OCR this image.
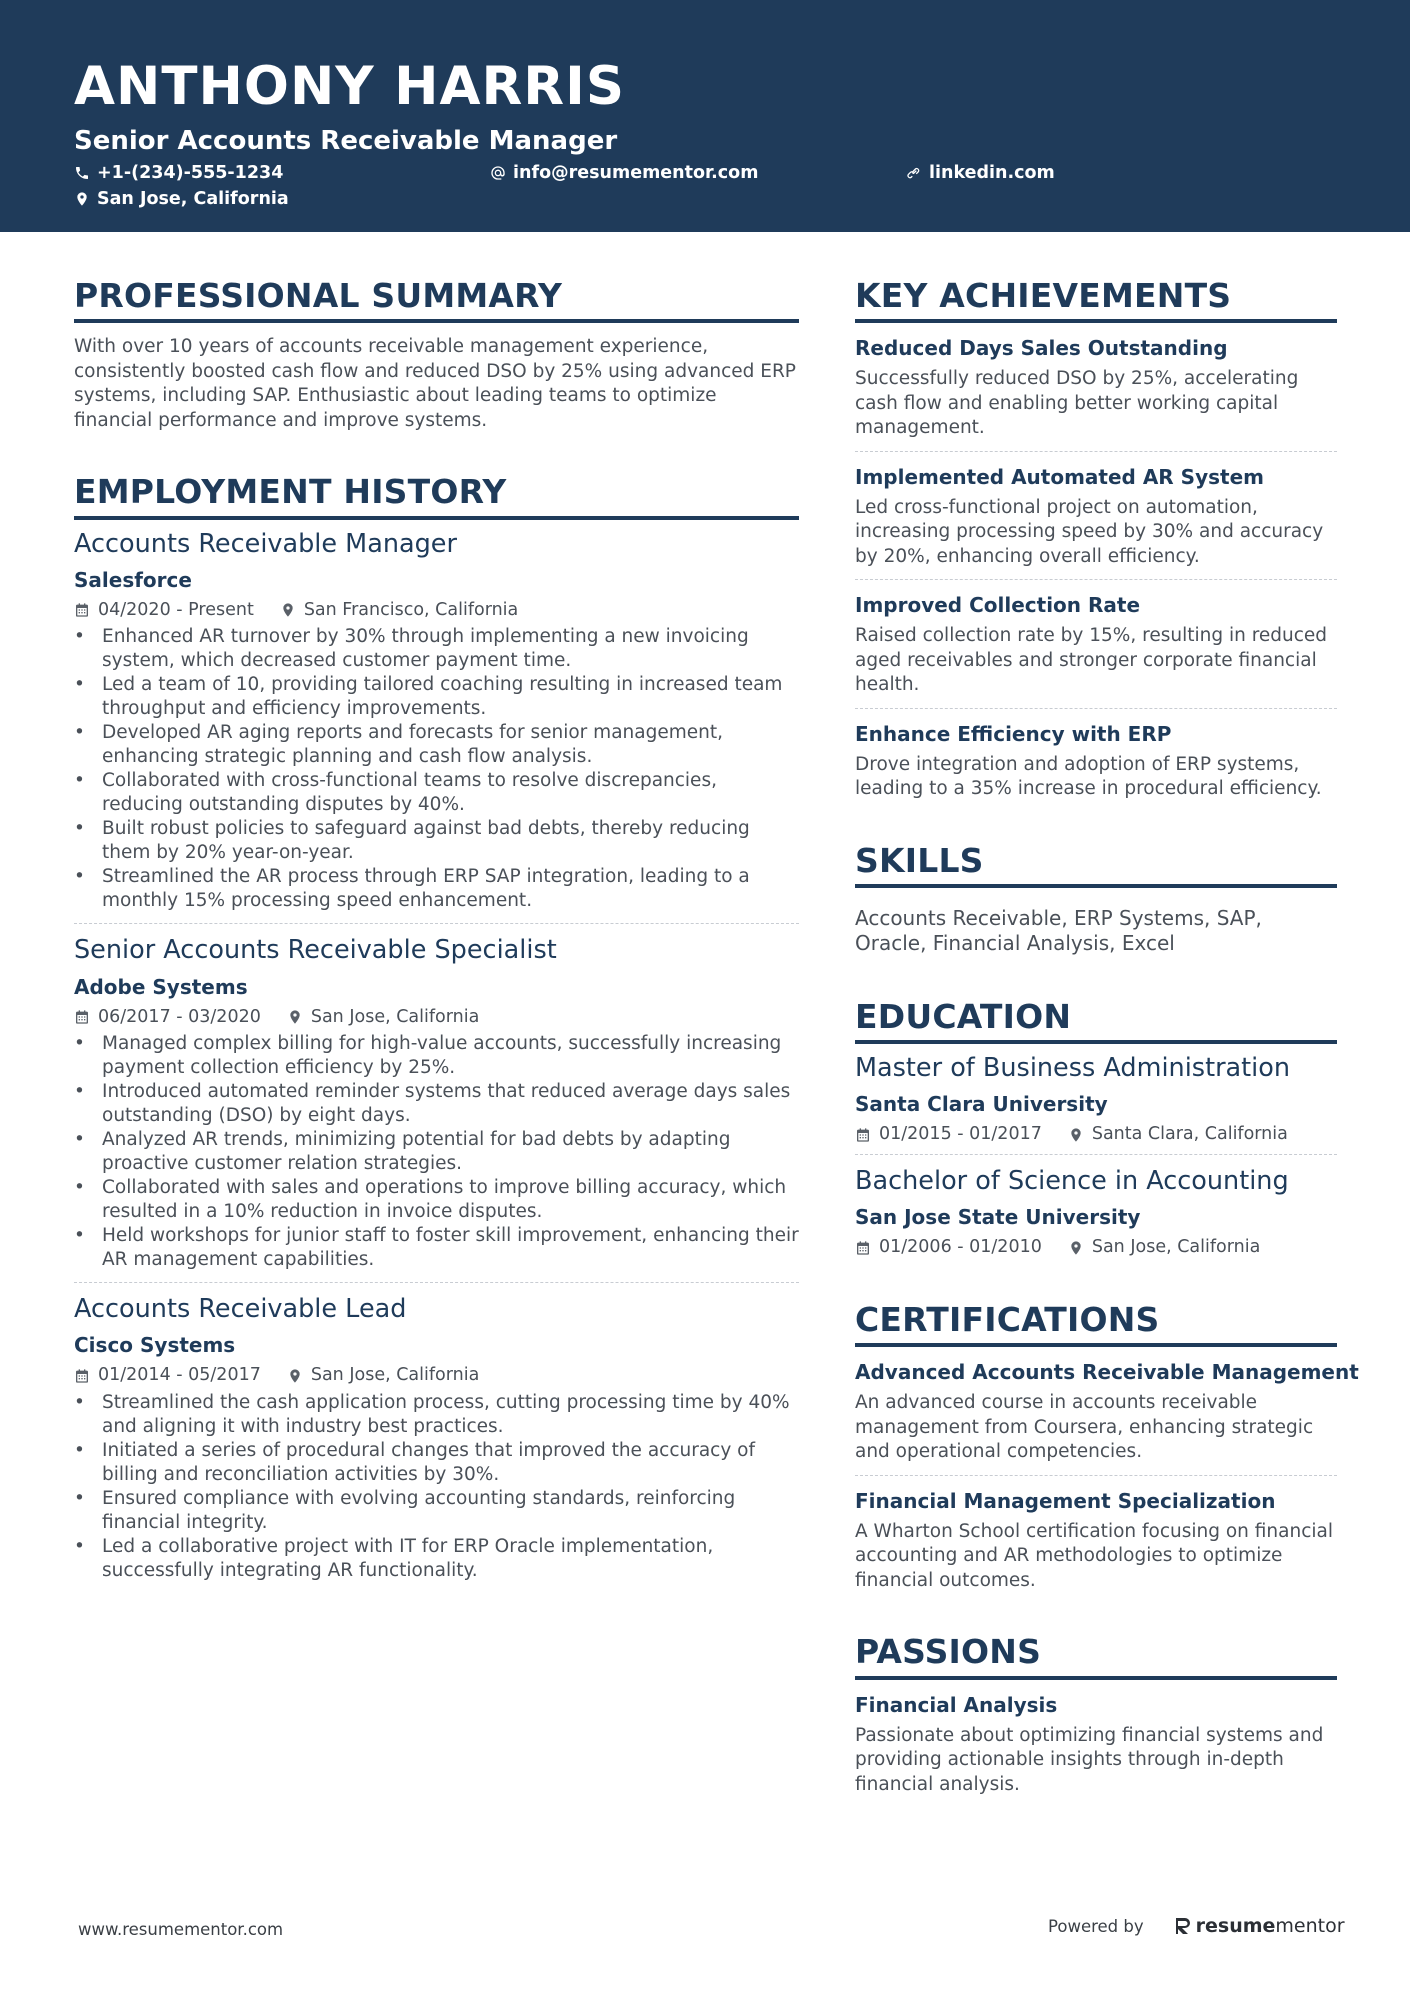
ANTHONY HARRIS
Senior Accounts Receivable Manager
+1-(234)-555-1234	info@resumementor.com	linkedin.com
San Jose, California
PROFESSIONAL SUMMARY
With over 10 years of accounts receivable management experience, consistently boosted cash flow and reduced DSO by 25% using advanced ERP systems, including SAP. Enthusiastic about leading teams to optimize financial performance and improve systems.
EMPLOYMENT HISTORY
Accounts Receivable Manager
Salesforce
04/2020 - Present	San Francisco, California
• Enhanced AR turnover by 30% through implementing a new invoicing system, which decreased customer payment time.
• Led a team of 10, providing tailored coaching resulting in increased team throughput and efficiency improvements.
• Developed AR aging reports and forecasts for senior management, enhancing strategic planning and cash flow analysis.
• Collaborated with cross-functional teams to resolve discrepancies, reducing outstanding disputes by 40%.
• Built robust policies to safeguard against bad debts, thereby reducing them by 20% year-on-year.
• Streamlined the AR process through ERP SAP integration, leading to a monthly 15% processing speed enhancement.
Senior Accounts Receivable Specialist
Adobe Systems
06/2017 - 03/2020	San Jose, California
• Managed complex billing for high-value accounts, successfully increasing payment collection efficiency by 25%.
• Introduced automated reminder systems that reduced average days sales outstanding (DSO) by eight days.
• Analyzed AR trends, minimizing potential for bad debts by adapting proactive customer relation strategies.
• Collaborated with sales and operations to improve billing accuracy, which resulted in a 10% reduction in invoice disputes.
• Held workshops for junior staff to foster skill improvement, enhancing their AR management capabilities.
Accounts Receivable Lead
Cisco Systems
01/2014 - 05/2017	San Jose, California
• Streamlined the cash application process, cutting processing time by 40% and aligning it with industry best practices.
• Initiated a series of procedural changes that improved the accuracy of billing and reconciliation activities by 30%.
• Ensured compliance with evolving accounting standards, reinforcing financial integrity.
• Led a collaborative project with IT for ERP Oracle implementation, successfully integrating AR functionality.
KEY ACHIEVEMENTS
Reduced Days Sales Outstanding
Successfully reduced DSO by 25%, accelerating cash flow and enabling better working capital management.
Implemented Automated AR System
Led cross-functional project on automation, increasing processing speed by 30% and accuracy by 20%, enhancing overall efficiency.
Improved Collection Rate
Raised collection rate by 15%, resulting in reduced aged receivables and stronger corporate financial health.
Enhance Efficiency with ERP
Drove integration and adoption of ERP systems, leading to a 35% increase in procedural efficiency.
SKILLS
Accounts Receivable, ERP Systems, SAP, Oracle, Financial Analysis, Excel
EDUCATION
Master of Business Administration
Santa Clara University
01/2015 - 01/2017	Santa Clara, California
Bachelor of Science in Accounting
San Jose State University
01/2006 - 01/2010	San Jose, California
CERTIFICATIONS
Advanced Accounts Receivable Management
An advanced course in accounts receivable management from Coursera, enhancing strategic and operational competencies.
Financial Management Specialization
A Wharton School certification focusing on financial accounting and AR methodologies to optimize financial outcomes.
PASSIONS
Financial Analysis
Passionate about optimizing financial systems and providing actionable insights through in-depth financial analysis.
www.resumementor.com	Powered by	resume mentor
